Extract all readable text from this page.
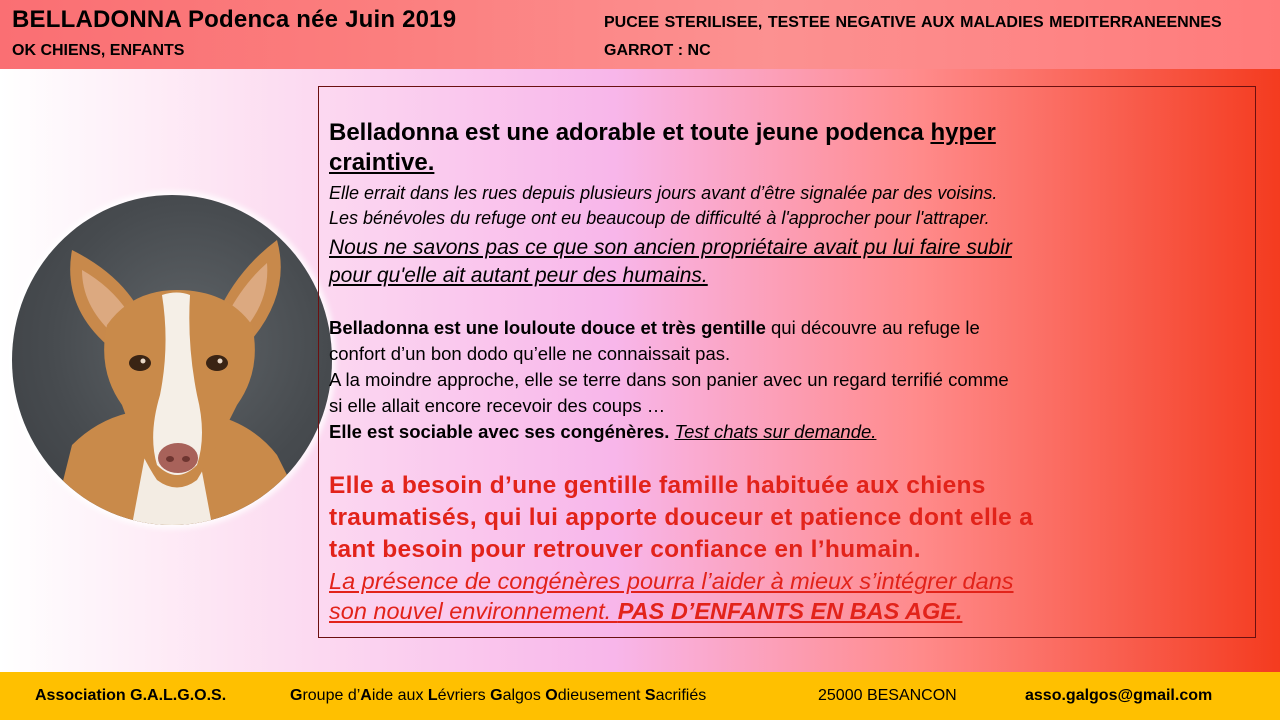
BELLADONNA Podenca née Juin 2019
OK CHIENS, ENFANTS
PUCEE STERILISEE, TESTEE NEGATIVE AUX MALADIES MEDITERRANEENNES
GARROT : NC
Belladonna est une adorable et toute jeune podenca hyper
craintive.
Elle errait dans les rues depuis plusieurs jours avant d’être signalée par des voisins.
Les bénévoles du refuge ont eu beaucoup de difficulté à l'approcher pour l'attraper.
Nous ne savons pas ce que son ancien propriétaire avait pu lui faire subir
pour qu'elle ait autant peur des humains.
Belladonna est une louloute douce et très gentille qui découvre au refuge le
confort d’un bon dodo qu’elle ne connaissait pas.
A la moindre approche, elle se terre dans son panier avec un regard terrifié comme
si elle allait encore recevoir des coups …
Elle est sociable avec ses congénères. Test chats sur demande.
Elle a besoin d’une gentille famille habituée aux chiens
traumatisés, qui lui apporte douceur et patience dont elle a
tant besoin pour retrouver confiance en l’humain.
La présence de congénères pourra l’aider à mieux s’intégrer dans
son nouvel environnement. PAS D’ENFANTS EN BAS AGE.
Association G.A.L.G.O.S.	Groupe d’Aide aux Lévriers Galgos Odieusement Sacrifiés	25000 BESANCON	asso.galgos@gmail.com
